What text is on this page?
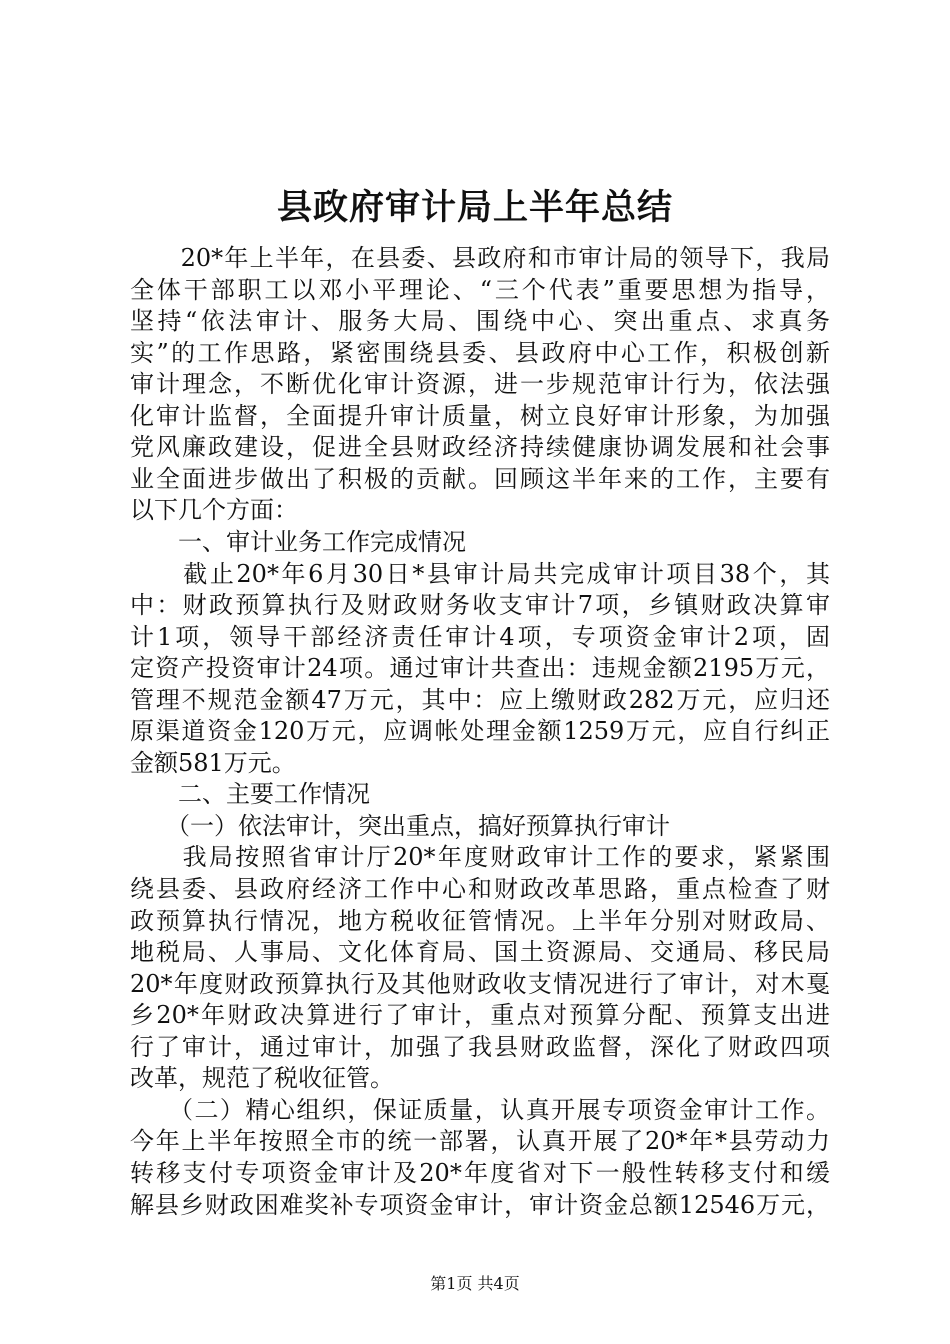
县政府审计局上半年总结
　　20*年上半年，在县委、县政府和市审计局的领导下，我局
全体干部职工以邓小平理论、“三个代表”重要思想为指导，
坚持“依法审计、服务大局、围绕中心、突出重点、求真务
实”的工作思路，紧密围绕县委、县政府中心工作，积极创新
审计理念，不断优化审计资源，进一步规范审计行为，依法强
化审计监督，全面提升审计质量，树立良好审计形象，为加强
党风廉政建设，促进全县财政经济持续健康协调发展和社会事
业全面进步做出了积极的贡献。回顾这半年来的工作，主要有
以下几个方面：
　　一、审计业务工作完成情况
　　截止20*年6月30日*县审计局共完成审计项目38个，其
中：财政预算执行及财政财务收支审计7项，乡镇财政决算审
计1项，领导干部经济责任审计4项，专项资金审计2项，固
定资产投资审计24项。通过审计共查出：违规金额2195万元，
管理不规范金额47万元，其中：应上缴财政282万元，应归还
原渠道资金120万元，应调帐处理金额1259万元，应自行纠正
金额581万元。
　　二、主要工作情况
　　（一）依法审计，突出重点，搞好预算执行审计
　　我局按照省审计厅20*年度财政审计工作的要求，紧紧围
绕县委、县政府经济工作中心和财政改革思路，重点检查了财
政预算执行情况，地方税收征管情况。上半年分别对财政局、
地税局、人事局、文化体育局、国土资源局、交通局、移民局
20*年度财政预算执行及其他财政收支情况进行了审计，对木戛
乡20*年财政决算进行了审计，重点对预算分配、预算支出进
行了审计，通过审计，加强了我县财政监督，深化了财政四项
改革，规范了税收征管。
　　（二）精心组织，保证质量，认真开展专项资金审计工作。
今年上半年按照全市的统一部署，认真开展了20*年*县劳动力
转移支付专项资金审计及20*年度省对下一般性转移支付和缓
解县乡财政困难奖补专项资金审计，审计资金总额12546万元，
第1页 共4页
